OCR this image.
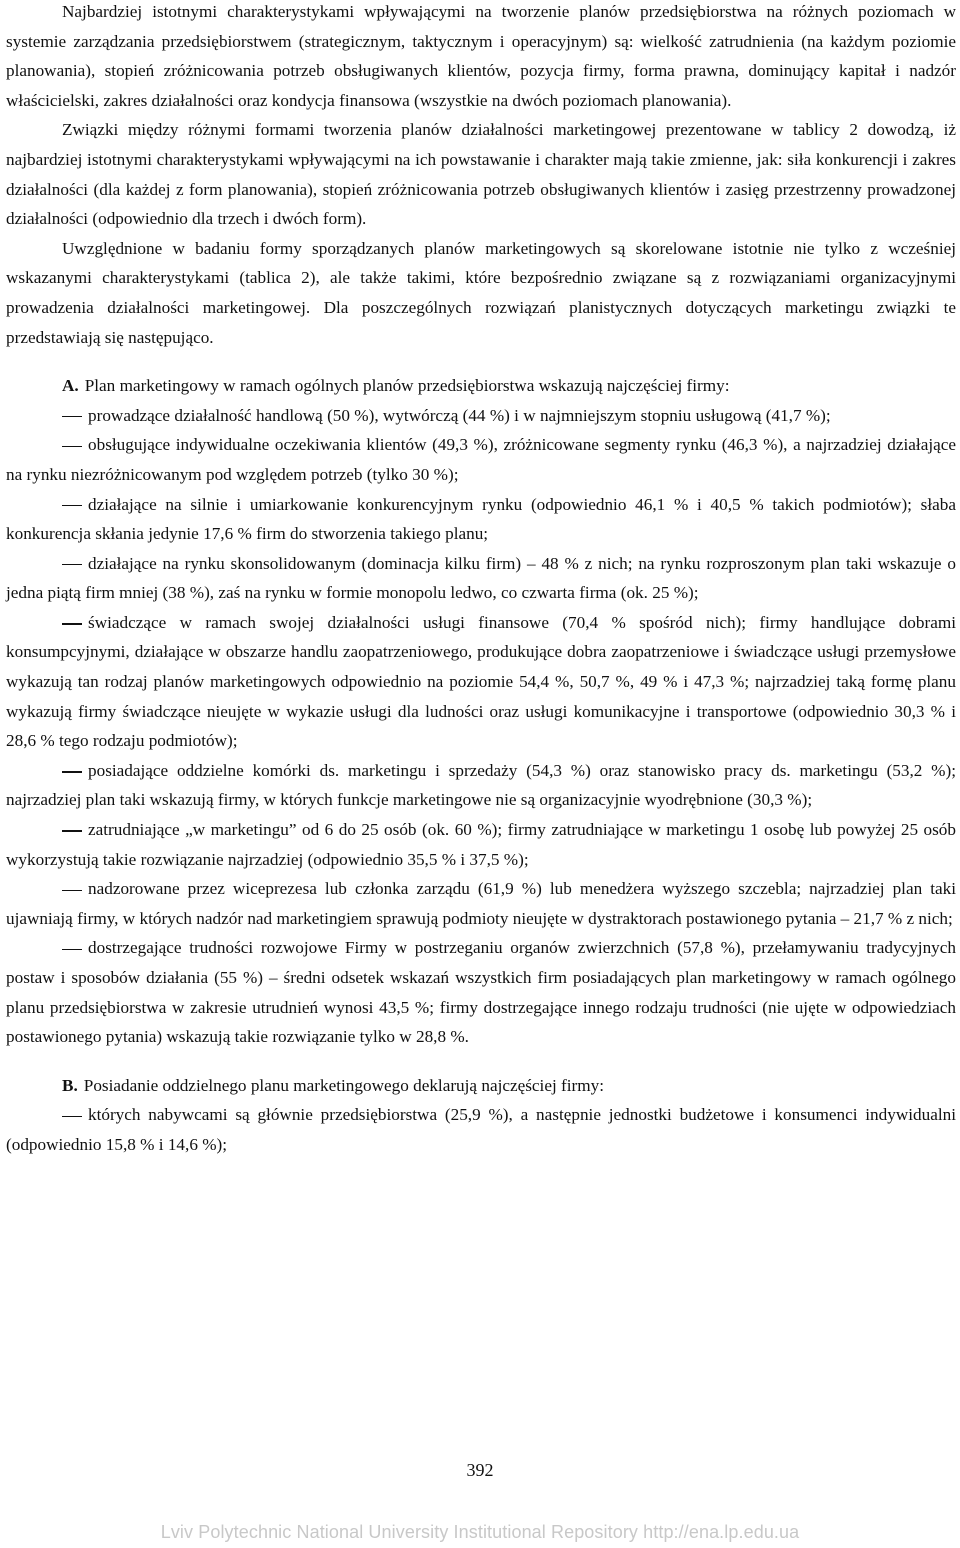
Najbardziej istotnymi charakterystykami wpływającymi na tworzenie planów przedsiębiorstwa na różnych poziomach w systemie zarządzania przedsiębiorstwem (strategicznym, taktycznym i operacyjnym) są: wielkość zatrudnienia (na każdym poziomie planowania), stopień zróżnicowania potrzeb obsługiwanych klientów, pozycja firmy, forma prawna, dominujący kapitał i nadzór właścicielski, zakres działalności oraz kondycja finansowa (wszystkie na dwóch poziomach planowania).

Związki między różnymi formami tworzenia planów działalności marketingowej prezentowane w tablicy 2 dowodzą, iż najbardziej istotnymi charakterystykami wpływającymi na ich powstawanie i charakter mają takie zmienne, jak: siła konkurencji i zakres działalności (dla każdej z form planowania), stopień zróżnicowania potrzeb obsługiwanych klientów i zasięg przestrzenny prowadzonej działalności (odpowiednio dla trzech i dwóch form).

Uwzględnione w badaniu formy sporządzanych planów marketingowych są skorelowane istotnie nie tylko z wcześniej wskazanymi charakterystykami (tablica 2), ale także takimi, które bezpośrednio związane są z rozwiązaniami organizacyjnymi prowadzenia działalności marketingowej. Dla poszczególnych rozwiązań planistycznych dotyczących marketingu związki te przedstawiają się następująco.

A. Plan marketingowy w ramach ogólnych planów przedsiębiorstwa wskazują najczęściej firmy:

prowadzące działalność handlową (50 %), wytwórczą (44 %) i w najmniejszym stopniu usługową (41,7 %);

obsługujące indywidualne oczekiwania klientów (49,3 %), zróżnicowane segmenty rynku (46,3 %), a najrzadziej działające na rynku niezróżnicowanym pod względem potrzeb (tylko 30 %);

działające na silnie i umiarkowanie konkurencyjnym rynku (odpowiednio 46,1 % i 40,5 % takich podmiotów); słaba konkurencja skłania jedynie 17,6 % firm do stworzenia takiego planu;

działające na rynku skonsolidowanym (dominacja kilku firm) – 48 % z nich; na rynku rozproszonym plan taki wskazuje o jedna piątą firm mniej (38 %), zaś na rynku w formie monopolu ledwo, co czwarta firma (ok. 25 %);

świadczące w ramach swojej działalności usługi finansowe (70,4 % spośród nich); firmy handlujące dobrami konsumpcyjnymi, działające w obszarze handlu zaopatrzeniowego, produkujące dobra zaopatrzeniowe i świadczące usługi przemysłowe wykazują tan rodzaj planów marketingowych odpowiednio na poziomie 54,4 %, 50,7 %, 49 % i 47,3 %; najrzadziej taką formę planu wykazują firmy świadczące nieujęte w wykazie usługi dla ludności oraz usługi komunikacyjne i transportowe (odpowiednio 30,3 % i 28,6 % tego rodzaju podmiotów);

posiadające oddzielne komórki ds. marketingu i sprzedaży (54,3 %) oraz stanowisko pracy ds. marketingu (53,2 %); najrzadziej plan taki wskazują firmy, w których funkcje marketingowe nie są organizacyjnie wyodrębnione (30,3 %);

zatrudniające „w marketingu” od 6 do 25 osób (ok. 60 %); firmy zatrudniające w marketingu 1 osobę lub powyżej 25 osób wykorzystują takie rozwiązanie najrzadziej (odpowiednio 35,5 % i 37,5 %);

nadzorowane przez wiceprezesa lub członka zarządu (61,9 %) lub menedżera wyższego szczebla; najrzadziej plan taki ujawniają firmy, w których nadzór nad marketingiem sprawują podmioty nieujęte w dystraktorach postawionego pytania – 21,7 % z nich;

dostrzegające trudności rozwojowe Firmy w postrzeganiu organów zwierzchnich (57,8 %), przełamywaniu tradycyjnych postaw i sposobów działania (55 %) – średni odsetek wskazań wszystkich firm posiadających plan marketingowy w ramach ogólnego planu przedsiębiorstwa w zakresie utrudnień wynosi 43,5 %; firmy dostrzegające innego rodzaju trudności (nie ujęte w odpowiedziach postawionego pytania) wskazują takie rozwiązanie tylko w 28,8 %.

B. Posiadanie oddzielnego planu marketingowego deklarują najczęściej firmy:

których nabywcami są głównie przedsiębiorstwa (25,9 %), a następnie jednostki budżetowe i konsumenci indywidualni (odpowiednio 15,8 % i 14,6 %);

392
Lviv Polytechnic National University Institutional Repository http://ena.lp.edu.ua
